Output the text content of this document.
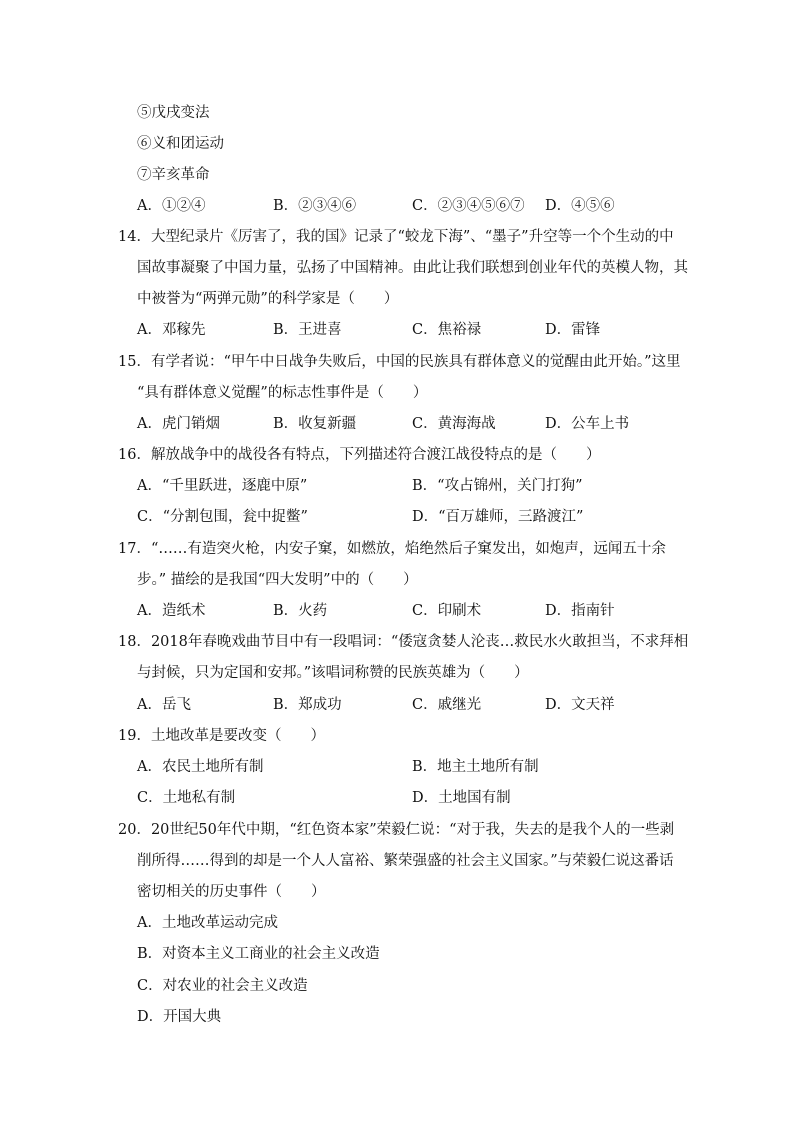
⑤戊戌变法
⑥义和团运动
⑦辛亥革命
A．①②④	B．②③④⑥	C．②③④⑤⑥⑦ D．④⑤⑥
14．大型纪录片《厉害了，我的国》记录了“蛟龙下海”、“墨子”升空等一个个生动的中
国故事凝聚了中国力量，弘扬了中国精神。由此让我们联想到创业年代的英模人物，其
中被誉为“两弹元勋”的科学家是（　　）
A．邓稼先	B．王进喜	C．焦裕禄	D．雷锋
15．有学者说：“甲午中日战争失败后，中国的民族具有群体意义的觉醒由此开始。”这里
“具有群体意义觉醒”的标志性事件是（　　）
A．虎门销烟	B．收复新疆	C．黄海海战	D．公车上书
16．解放战争中的战役各有特点，下列描述符合渡江战役特点的是（　　）
A．“千里跃进，逐鹿中原”	B．“攻占锦州，关门打狗”
C．“分割包围，瓮中捉鳖”	D．“百万雄师，三路渡江”
17．“……有造突火枪，内安子窠，如燃放，焰绝然后子窠发出，如炮声，远闻五十余
步。” 描绘的是我国“四大发明”中的（　　）
A．造纸术	B．火药	C．印刷术	D．指南针
18．2018年春晚戏曲节目中有一段唱词：“倭寇贪婪人沦丧…救民水火敢担当，不求拜相
与封候，只为定国和安邦。”该唱词称赞的民族英雄为（　　）
A．岳飞	B．郑成功	C．戚继光	D．文天祥
19．土地改革是要改变（　　）
A．农民土地所有制	B．地主土地所有制
C．土地私有制	D．土地国有制
20．20世纪50年代中期，“红色资本家”荣毅仁说：“对于我，失去的是我个人的一些剥
削所得……得到的却是一个人人富裕、繁荣强盛的社会主义国家。”与荣毅仁说这番话
密切相关的历史事件（　　）
A．土地改革运动完成
B．对资本主义工商业的社会主义改造
C．对农业的社会主义改造
D．开国大典
